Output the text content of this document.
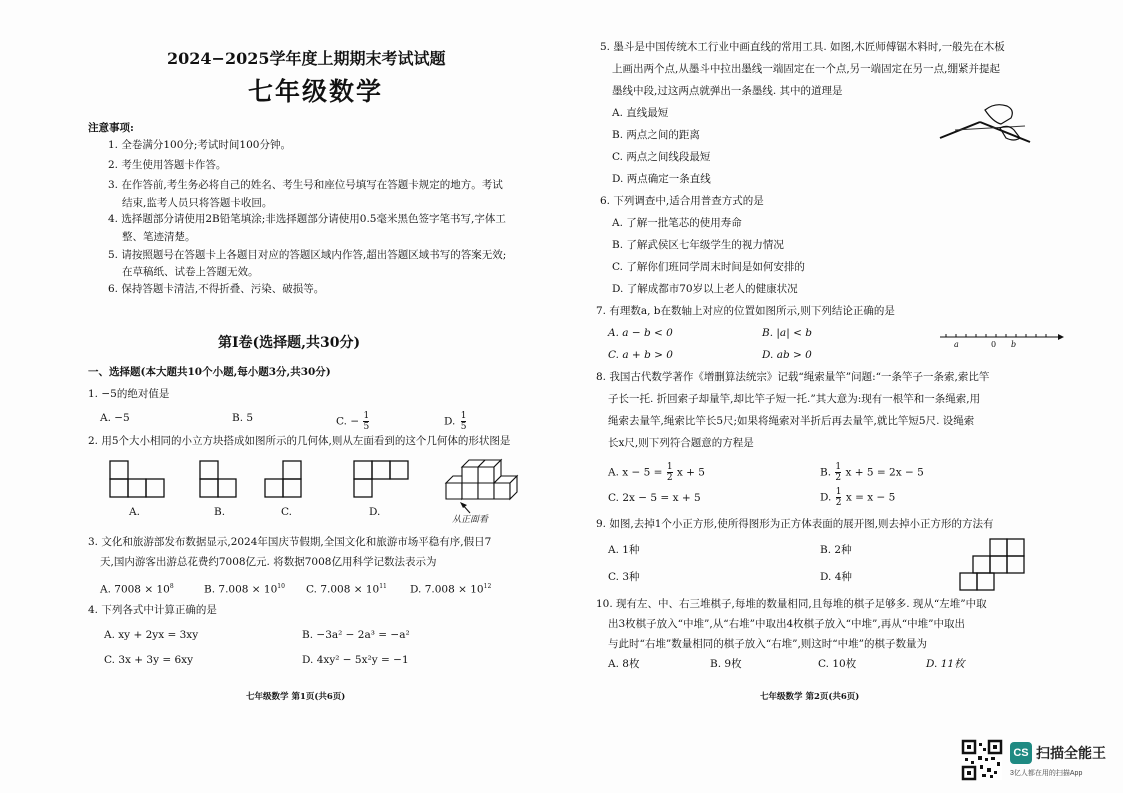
2024−2025学年度上期期末考试试题
七年级数学
注意事项:
1. 全卷满分100分;考试时间100分钟。
2. 考生使用答题卡作答。
3. 在作答前,考生务必将自己的姓名、考生号和座位号填写在答题卡规定的地方。考试
结束,监考人员只将答题卡收回。
4. 选择题部分请使用2B铅笔填涂;非选择题部分请使用0.5毫米黑色签字笔书写,字体工
整、笔迹清楚。
5. 请按照题号在答题卡上各题目对应的答题区域内作答,超出答题区域书写的答案无效;
在草稿纸、试卷上答题无效。
6. 保持答题卡清洁,不得折叠、污染、破损等。
第Ⅰ卷(选择题,共30分)
一、选择题(本大题共10个小题,每小题3分,共30分)
1. −5的绝对值是
A. −5	B. 5	C. − $\frac{1}{5}$	D. $\frac{1}{5}$
2. 用5个大小相同的小立方块搭成如图所示的几何体,则从左面看到的这个几何体的形状图是
A.	B.	C.	D.
从正面看
3. 文化和旅游部发布数据显示,2024年国庆节假期,全国文化和旅游市场平稳有序,假日7
天,国内游客出游总花费约7008亿元. 将数据7008亿用科学记数法表示为
A. $7008 \times 10^8$	B. $7.008 \times 10^{10}$ C. $7.008 \times 10^{11}$ D. $7.008 \times 10^{12}$
4. 下列各式中计算正确的是
A. xy + 2yx = 3xy	B. −3a² − 2a³ = −a²
C. 3x + 3y = 6xy	D. 4xy² − 5x²y = −1
七年级数学 第1页(共6页)
5. 墨斗是中国传统木工行业中画直线的常用工具. 如图,木匠师傅锯木料时,一般先在木板
上画出两个点,从墨斗中拉出墨线一端固定在一个点,另一端固定在另一点,绷紧并提起
墨线中段,过这两点就弹出一条墨线. 其中的道理是
A. 直线最短
B. 两点之间的距离
C. 两点之间线段最短
D. 两点确定一条直线
6. 下列调查中,适合用普查方式的是
A. 了解一批笔芯的使用寿命
B. 了解武侯区七年级学生的视力情况
C. 了解你们班同学周末时间是如何安排的
D. 了解成都市70岁以上老人的健康状况
7. 有理数a, b在数轴上对应的位置如图所示,则下列结论正确的是
A. a − b < 0	B. |a| < b
C. a + b > 0	D. ab > 0
a	0 b
8. 我国古代数学著作《增删算法统宗》记载“绳索量竿”问题:“一条竿子一条索,索比竿
子长一托. 折回索子却量竿,却比竿子短一托.”其大意为:现有一根竿和一条绳索,用
绳索去量竿,绳索比竿长5尺;如果将绳索对半折后再去量竿,就比竿短5尺. 设绳索
长x尺,则下列符合题意的方程是
A. $x - 5 = \frac{1}{2}$ x + 5	B. $\frac{1}{2}$ x + 5 = 2x − 5
C. 2x − 5 = x + 5	D. $\frac{1}{2}$ x = x − 5
9. 如图,去掉1个小正方形,使所得图形为正方体表面的展开图,则去掉小正方形的方法有
A. 1种	B. 2种
C. 3种	D. 4种
10. 现有左、中、右三堆棋子,每堆的数量相同,且每堆的棋子足够多. 现从“左堆”中取
出3枚棋子放入“中堆”,从“右堆”中取出4枚棋子放入“中堆”,再从“中堆”中取出
与此时“右堆”数量相同的棋子放入“右堆”,则这时“中堆”的棋子数量为
A. 8枚	B. 9枚	C. 10枚	D. 11枚
七年级数学 第2页(共6页)
CS 扫描全能王
3亿人都在用的扫描App
